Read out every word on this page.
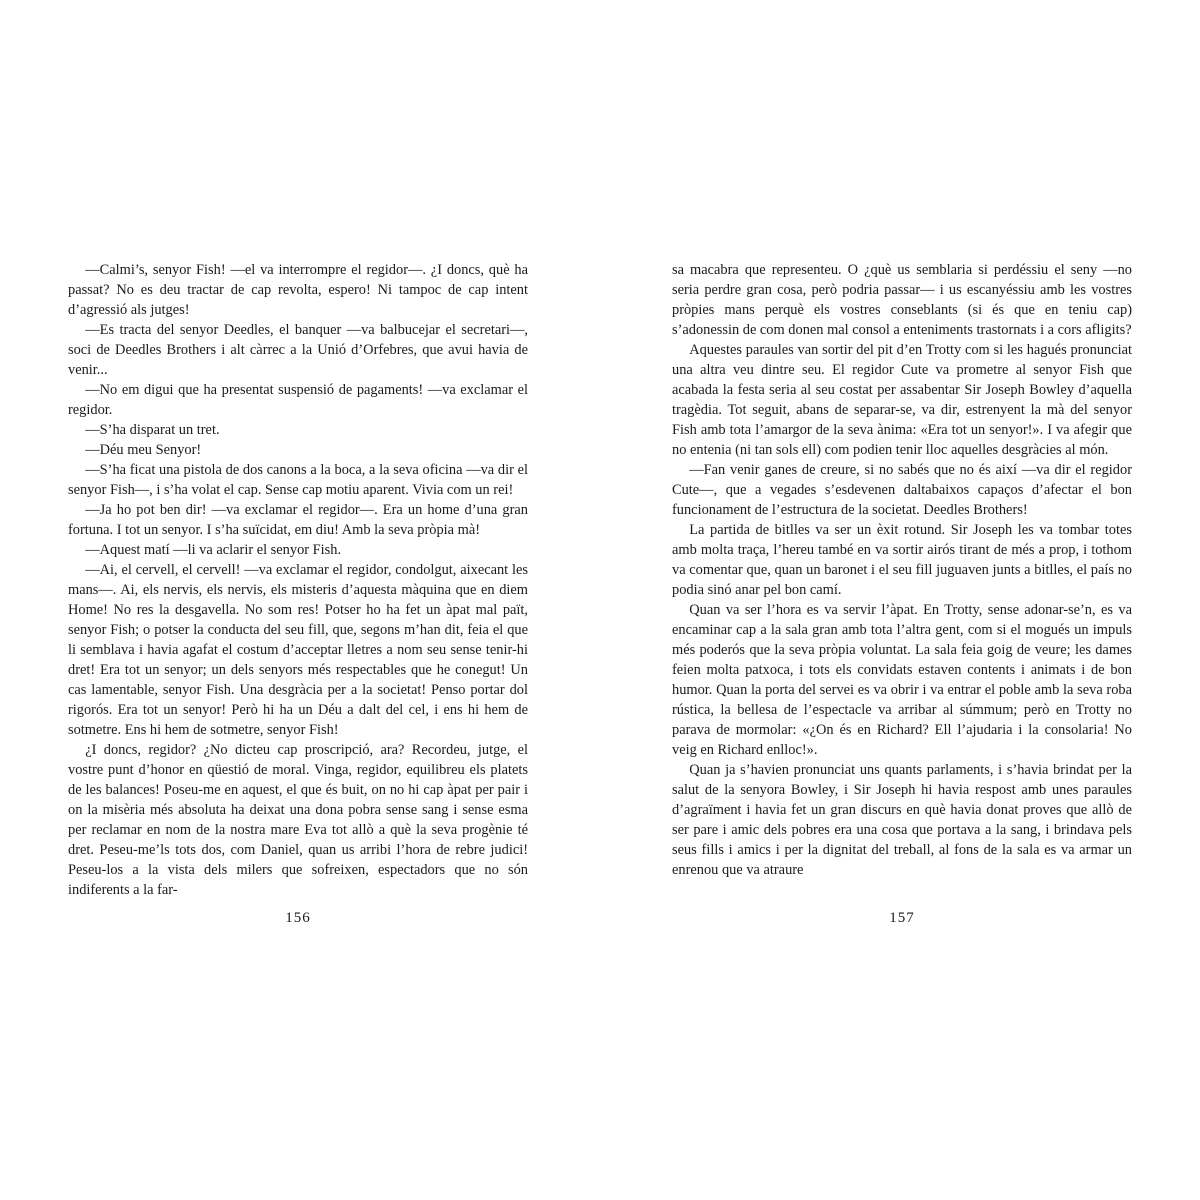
—Calmi’s, senyor Fish! —el va interrompre el regidor—. ¿I doncs, què ha passat? No es deu tractar de cap revolta, espero! Ni tampoc de cap intent d’agressió als jutges!

—Es tracta del senyor Deedles, el banquer —va balbucejar el secretari—, soci de Deedles Brothers i alt càrrec a la Unió d’Orfebres, que avui havia de venir...

—No em digui que ha presentat suspensió de pagaments! —va exclamar el regidor.

—S’ha disparat un tret.

—Déu meu Senyor!

—S’ha ficat una pistola de dos canons a la boca, a la seva oficina —va dir el senyor Fish—, i s’ha volat el cap. Sense cap motiu aparent. Vivia com un rei!

—Ja ho pot ben dir! —va exclamar el regidor—. Era un home d’una gran fortuna. I tot un senyor. I s’ha suïcidat, em diu! Amb la seva pròpia mà!

—Aquest matí —li va aclarir el senyor Fish.

—Ai, el cervell, el cervell! —va exclamar el regidor, condolgut, aixecant les mans—. Ai, els nervis, els nervis, els misteris d’aquesta màquina que en diem Home! No res la desgavella. No som res! Potser ho ha fet un àpat mal paït, senyor Fish; o potser la conducta del seu fill, que, segons m’han dit, feia el que li semblava i havia agafat el costum d’acceptar lletres a nom seu sense tenir-hi dret! Era tot un senyor; un dels senyors més respectables que he conegut! Un cas lamentable, senyor Fish. Una desgràcia per a la societat! Penso portar dol rigorós. Era tot un senyor! Però hi ha un Déu a dalt del cel, i ens hi hem de sotmetre. Ens hi hem de sotmetre, senyor Fish!

¿I doncs, regidor? ¿No dicteu cap proscripció, ara? Recordeu, jutge, el vostre punt d’honor en qüestió de moral. Vinga, regidor, equilibreu els platets de les balances! Poseu-me en aquest, el que és buit, on no hi cap àpat per pair i on la misèria més absoluta ha deixat una dona pobra sense sang i sense esma per reclamar en nom de la nostra mare Eva tot allò a què la seva progènie té dret. Peseu-me’ls tots dos, com Daniel, quan us arribi l’hora de rebre judici! Peseu-los a la vista dels milers que sofreixen, espectadors que no són indiferents a la far-

156

sa macabra que representeu. O ¿què us semblaria si perdéssiu el seny —no seria perdre gran cosa, però podria passar— i us escanyéssiu amb les vostres pròpies mans perquè els vostres conseblants (si és que en teniu cap) s’adonessin de com donen mal consol a enteniments trastornats i a cors afligits?

Aquestes paraules van sortir del pit d’en Trotty com si les hagués pronunciat una altra veu dintre seu. El regidor Cute va prometre al senyor Fish que acabada la festa seria al seu costat per assabentar Sir Joseph Bowley d’aquella tragèdia. Tot seguit, abans de separar-se, va dir, estrenyent la mà del senyor Fish amb tota l’amargor de la seva ànima: «Era tot un senyor!». I va afegir que no entenia (ni tan sols ell) com podien tenir lloc aquelles desgràcies al món.

—Fan venir ganes de creure, si no sabés que no és així —va dir el regidor Cute—, que a vegades s’esdevenen daltabaixos capaços d’afectar el bon funcionament de l’estructura de la societat. Deedles Brothers!

La partida de bitlles va ser un èxit rotund. Sir Joseph les va tombar totes amb molta traça, l’hereu també en va sortir airós tirant de més a prop, i tothom va comentar que, quan un baronet i el seu fill juguaven junts a bitlles, el país no podia sinó anar pel bon camí.

Quan va ser l’hora es va servir l’àpat. En Trotty, sense adonar-se’n, es va encaminar cap a la sala gran amb tota l’altra gent, com si el mogués un impuls més poderós que la seva pròpia voluntat. La sala feia goig de veure; les dames feien molta patxoca, i tots els convidats estaven contents i animats i de bon humor. Quan la porta del servei es va obrir i va entrar el poble amb la seva roba rústica, la bellesa de l’espectacle va arribar al súmmum; però en Trotty no parava de mormolar: «¿On és en Richard? Ell l’ajudaria i la consolaria! No veig en Richard enlloc!».

Quan ja s’havien pronunciat uns quants parlaments, i s’havia brindat per la salut de la senyora Bowley, i Sir Joseph hi havia respost amb unes paraules d’agraïment i havia fet un gran discurs en què havia donat proves que allò de ser pare i amic dels pobres era una cosa que portava a la sang, i brindava pels seus fills i amics i per la dignitat del treball, al fons de la sala es va armar un enrenou que va atraure

157
